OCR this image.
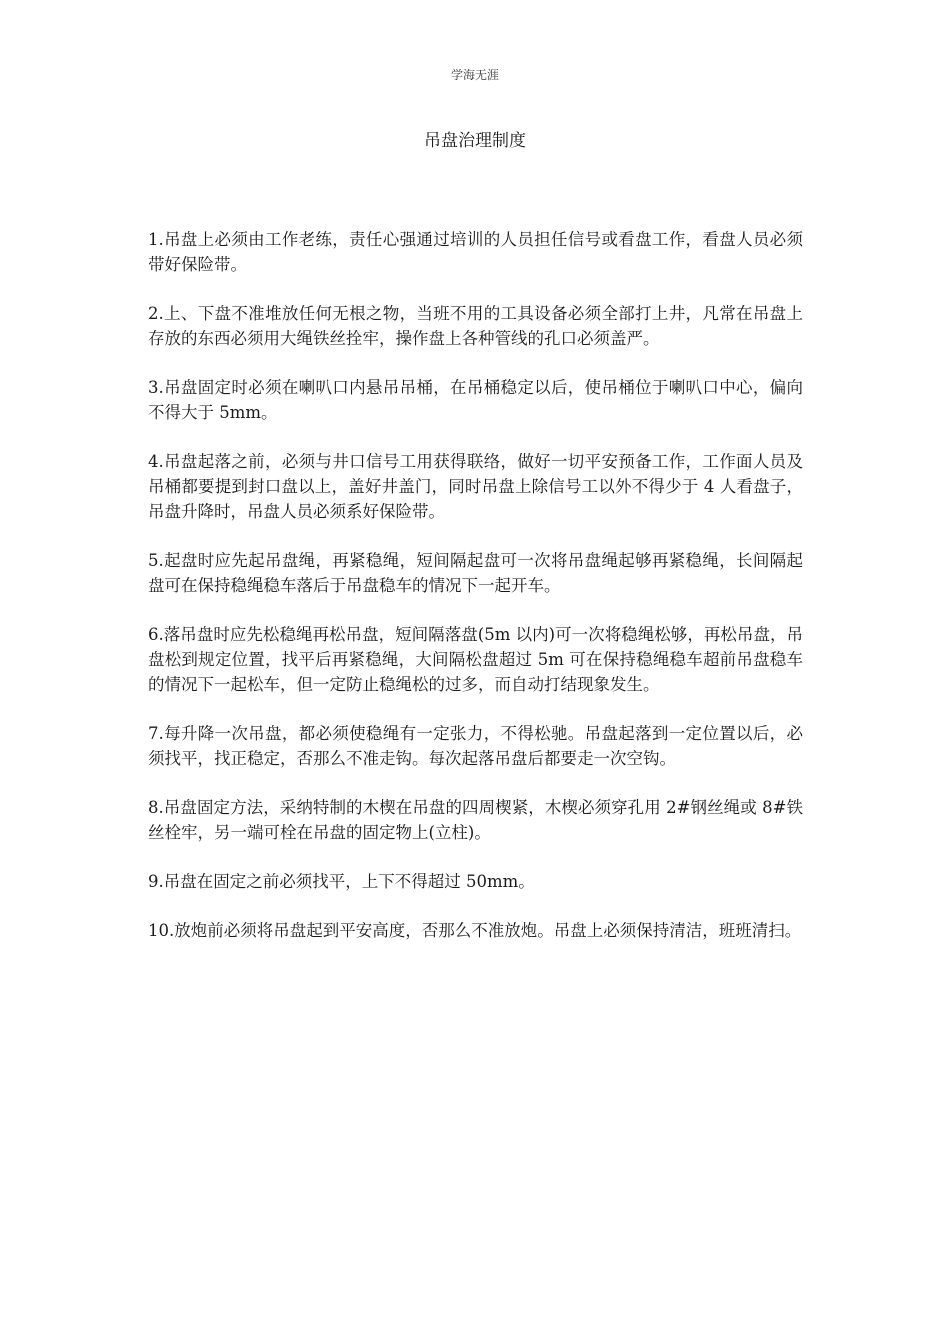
学海无涯
吊盘治理制度

1.吊盘上必须由工作老练，责任心强通过培训的人员担任信号或看盘工作，看盘人员必须带好保险带。

2.上、下盘不准堆放任何无根之物，当班不用的工具设备必须全部打上井，凡常在吊盘上存放的东西必须用大绳铁丝拴牢，操作盘上各种管线的孔口必须盖严。

3.吊盘固定时必须在喇叭口内悬吊吊桶，在吊桶稳定以后，使吊桶位于喇叭口中心，偏向不得大于 5mm。

4.吊盘起落之前，必须与井口信号工用获得联络，做好一切平安预备工作，工作面人员及吊桶都要提到封口盘以上，盖好井盖门，同时吊盘上除信号工以外不得少于 4 人看盘子，吊盘升降时，吊盘人员必须系好保险带。

5.起盘时应先起吊盘绳，再紧稳绳，短间隔起盘可一次将吊盘绳起够再紧稳绳，长间隔起盘可在保持稳绳稳车落后于吊盘稳车的情况下一起开车。

6.落吊盘时应先松稳绳再松吊盘，短间隔落盘(5m 以内)可一次将稳绳松够，再松吊盘，吊盘松到规定位置，找平后再紧稳绳，大间隔松盘超过 5m 可在保持稳绳稳车超前吊盘稳车的情况下一起松车，但一定防止稳绳松的过多，而自动打结现象发生。

7.每升降一次吊盘，都必须使稳绳有一定张力，不得松驰。吊盘起落到一定位置以后，必须找平，找正稳定，否那么不准走钩。每次起落吊盘后都要走一次空钩。

8.吊盘固定方法，采纳特制的木楔在吊盘的四周楔紧，木楔必须穿孔用 2#钢丝绳或 8#铁丝栓牢，另一端可栓在吊盘的固定物上(立柱)。

9.吊盘在固定之前必须找平，上下不得超过 50mm。

10.放炮前必须将吊盘起到平安高度，否那么不准放炮。吊盘上必须保持清洁，班班清扫。
